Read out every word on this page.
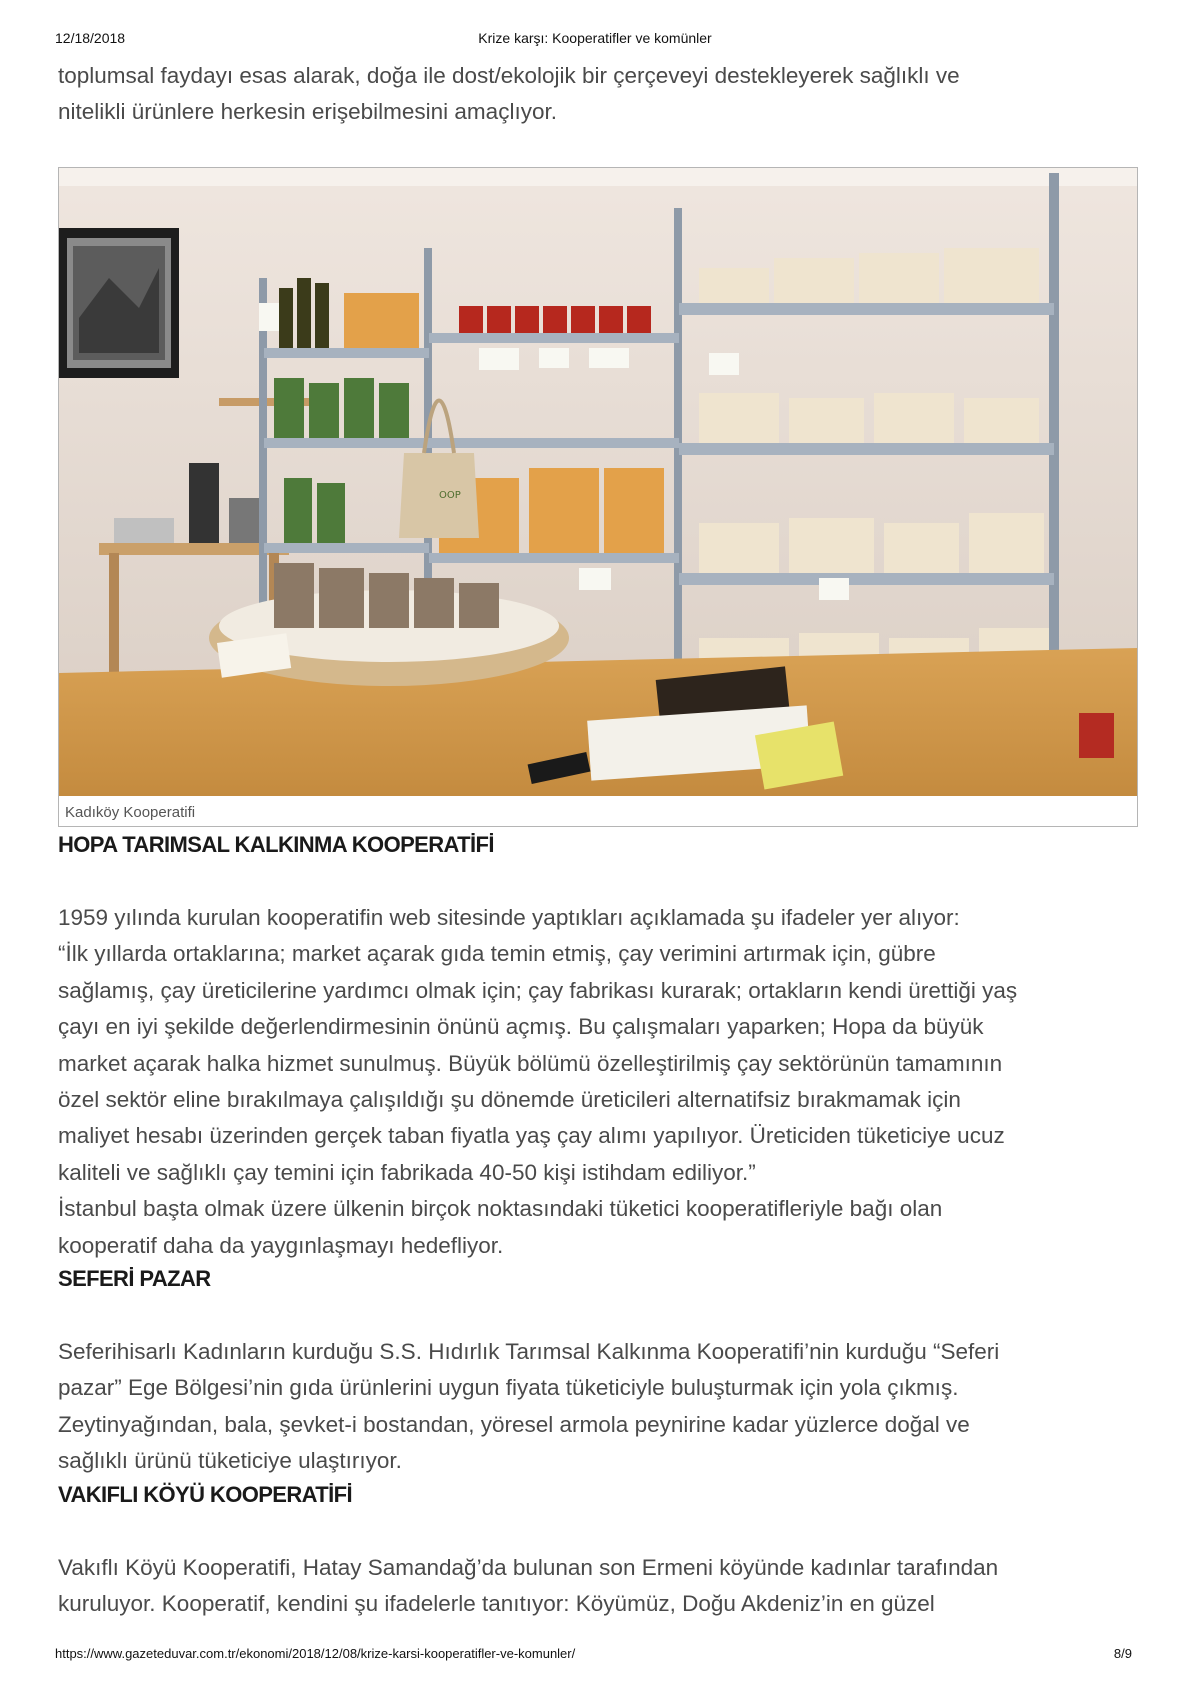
12/18/2018	Krize karşı: Kooperatifler ve komünler

toplumsal faydayı esas alarak, doğa ile dost/ekolojik bir çerçeveyi destekleyerek sağlıklı ve

nitelikli ürünlere herkesin erişebilmesini amaçlıyor.

OOP
Kadıköy Kooperatifi
HOPA TARIMSAL KALKINMA KOOPERATİFİ

1959 yılında kurulan kooperatifin web sitesinde yaptıkları açıklamada şu ifadeler yer alıyor:

“İlk yıllarda ortaklarına; market açarak gıda temin etmiş, çay verimini artırmak için, gübre

sağlamış, çay üreticilerine yardımcı olmak için; çay fabrikası kurarak; ortakların kendi ürettiği yaş

çayı en iyi şekilde değerlendirmesinin önünü açmış. Bu çalışmaları yaparken; Hopa da büyük

market açarak halka hizmet sunulmuş. Büyük bölümü özelleştirilmiş çay sektörünün tamamının

özel sektör eline bırakılmaya çalışıldığı şu dönemde üreticileri alternatifsiz bırakmamak için

maliyet hesabı üzerinden gerçek taban fiyatla yaş çay alımı yapılıyor. Üreticiden tüketiciye ucuz

kaliteli ve sağlıklı çay temini için fabrikada 40-50 kişi istihdam ediliyor.”

İstanbul başta olmak üzere ülkenin birçok noktasındaki tüketici kooperatifleriyle bağı olan

kooperatif daha da yaygınlaşmayı hedefliyor.

SEFERİ PAZAR

Seferihisarlı Kadınların kurduğu S.S. Hıdırlık Tarımsal Kalkınma Kooperatifi’nin kurduğu “Seferi

pazar” Ege Bölgesi’nin gıda ürünlerini uygun fiyata tüketiciyle buluşturmak için yola çıkmış.

Zeytinyağından, bala, şevket-i bostandan, yöresel armola peynirine kadar yüzlerce doğal ve

sağlıklı ürünü tüketiciye ulaştırıyor.

VAKIFLI KÖYÜ KOOPERATİFİ

Vakıflı Köyü Kooperatifi, Hatay Samandağ’da bulunan son Ermeni köyünde kadınlar tarafından

kuruluyor. Kooperatif, kendini şu ifadelerle tanıtıyor: Köyümüz, Doğu Akdeniz’in en güzel

https://www.gazeteduvar.com.tr/ekonomi/2018/12/08/krize-karsi-kooperatifler-ve-komunler/	8/9
